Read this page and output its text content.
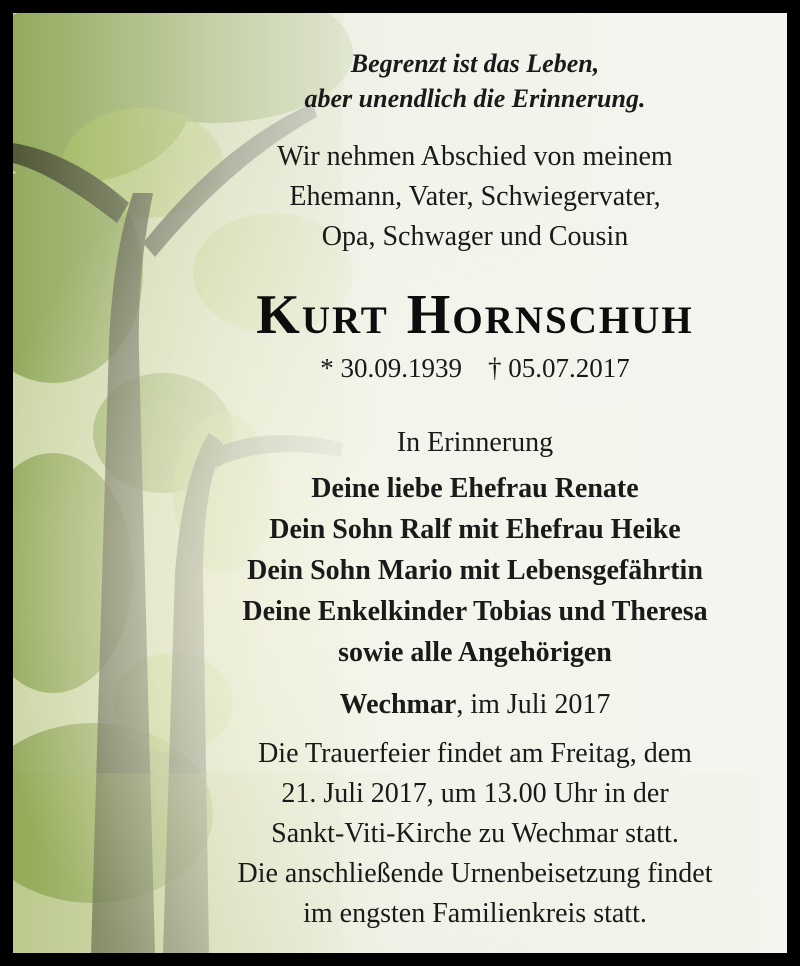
Begrenzt ist das Leben,
aber unendlich die Erinnerung.
Wir nehmen Abschied von meinem
Ehemann, Vater, Schwiegervater,
Opa, Schwager und Cousin
Kurt Hornschuh
* 30.09.1939 † 05.07.2017
In Erinnerung
Deine liebe Ehefrau Renate
Dein Sohn Ralf mit Ehefrau Heike
Dein Sohn Mario mit Lebensgefährtin
Deine Enkelkinder Tobias und Theresa
sowie alle Angehörigen
Wechmar, im Juli 2017
Die Trauerfeier findet am Freitag, dem
21. Juli 2017, um 13.00 Uhr in der
Sankt-Viti-Kirche zu Wechmar statt.
Die anschließende Urnenbeisetzung findet
im engsten Familienkreis statt.
